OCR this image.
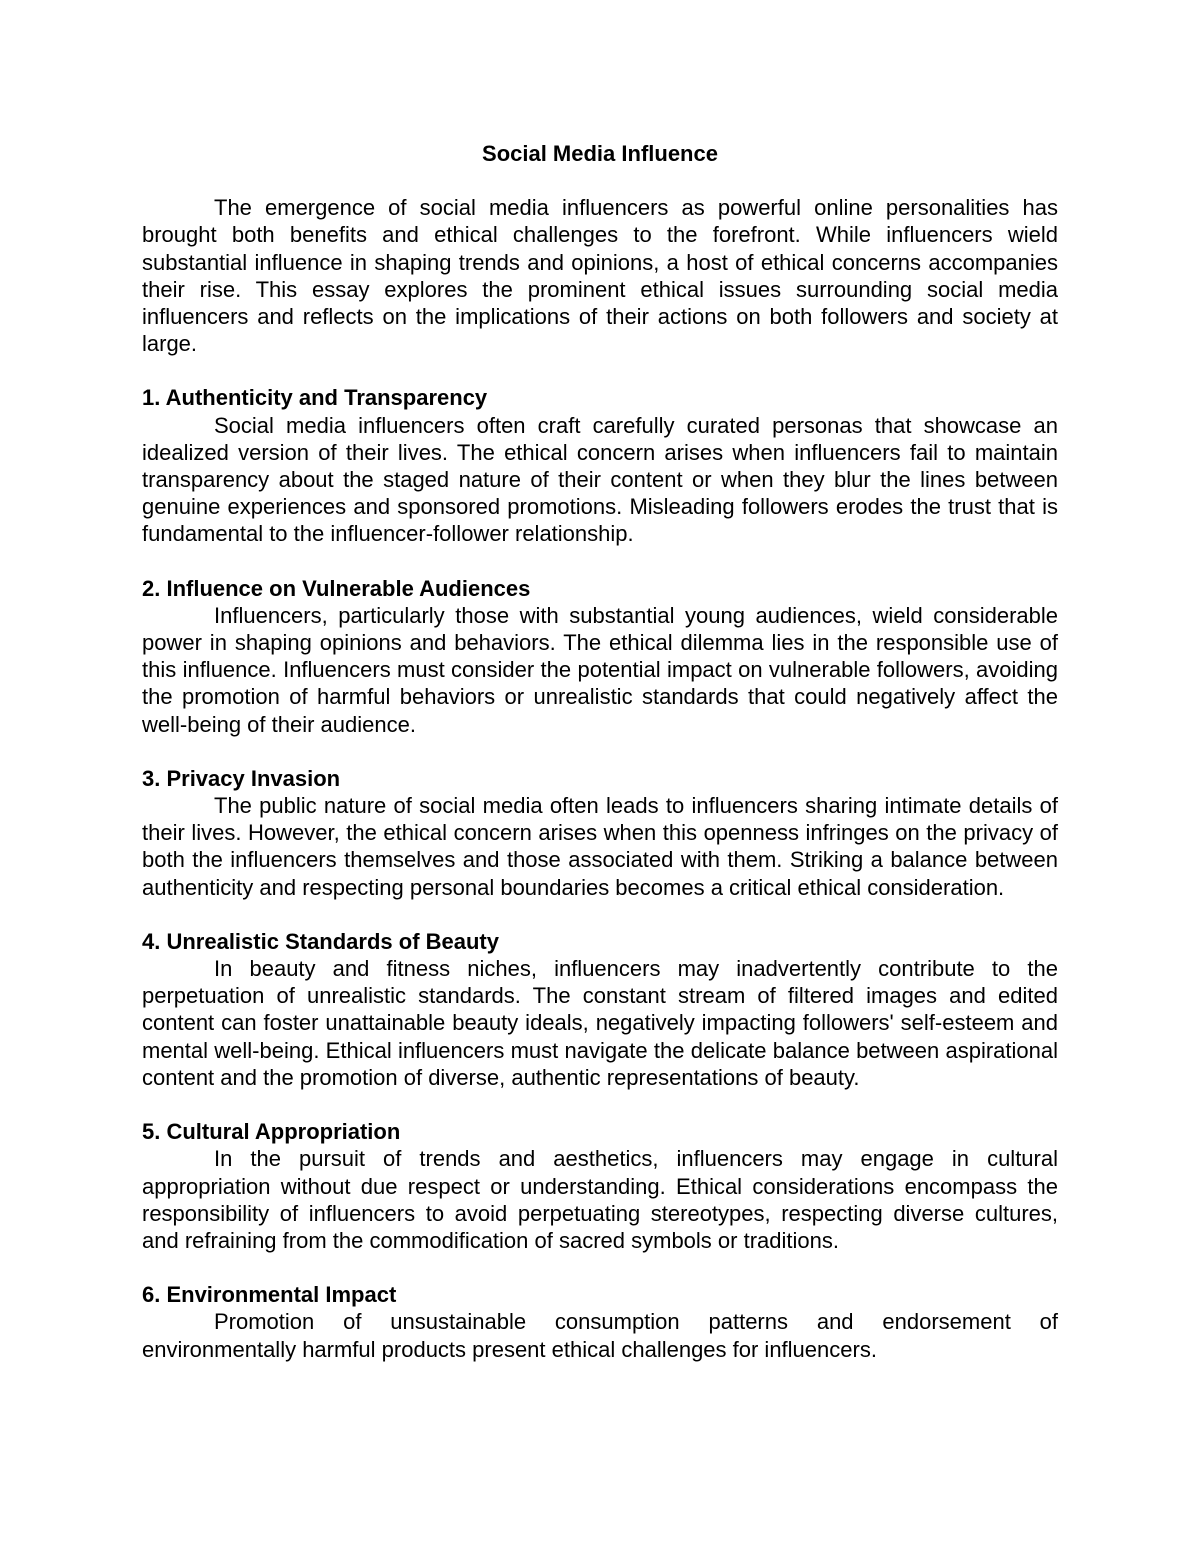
Social Media Influence

The emergence of social media influencers as powerful online personalities has brought both benefits and ethical challenges to the forefront. While influencers wield substantial influence in shaping trends and opinions, a host of ethical concerns accompanies their rise. This essay explores the prominent ethical issues surrounding social media influencers and reflects on the implications of their actions on both followers and society at large.

1. Authenticity and Transparency

Social media influencers often craft carefully curated personas that showcase an idealized version of their lives. The ethical concern arises when influencers fail to maintain transparency about the staged nature of their content or when they blur the lines between genuine experiences and sponsored promotions. Misleading followers erodes the trust that is fundamental to the influencer-follower relationship.

2. Influence on Vulnerable Audiences

Influencers, particularly those with substantial young audiences, wield considerable power in shaping opinions and behaviors. The ethical dilemma lies in the responsible use of this influence. Influencers must consider the potential impact on vulnerable followers, avoiding the promotion of harmful behaviors or unrealistic standards that could negatively affect the well-being of their audience.

3. Privacy Invasion

The public nature of social media often leads to influencers sharing intimate details of their lives. However, the ethical concern arises when this openness infringes on the privacy of both the influencers themselves and those associated with them. Striking a balance between authenticity and respecting personal boundaries becomes a critical ethical consideration.

4. Unrealistic Standards of Beauty

In beauty and fitness niches, influencers may inadvertently contribute to the perpetuation of unrealistic standards. The constant stream of filtered images and edited content can foster unattainable beauty ideals, negatively impacting followers' self-esteem and mental well-being. Ethical influencers must navigate the delicate balance between aspirational content and the promotion of diverse, authentic representations of beauty.

5. Cultural Appropriation

In the pursuit of trends and aesthetics, influencers may engage in cultural appropriation without due respect or understanding. Ethical considerations encompass the responsibility of influencers to avoid perpetuating stereotypes, respecting diverse cultures, and refraining from the commodification of sacred symbols or traditions.

6. Environmental Impact

Promotion of unsustainable consumption patterns and endorsement of environmentally harmful products present ethical challenges for influencers.
